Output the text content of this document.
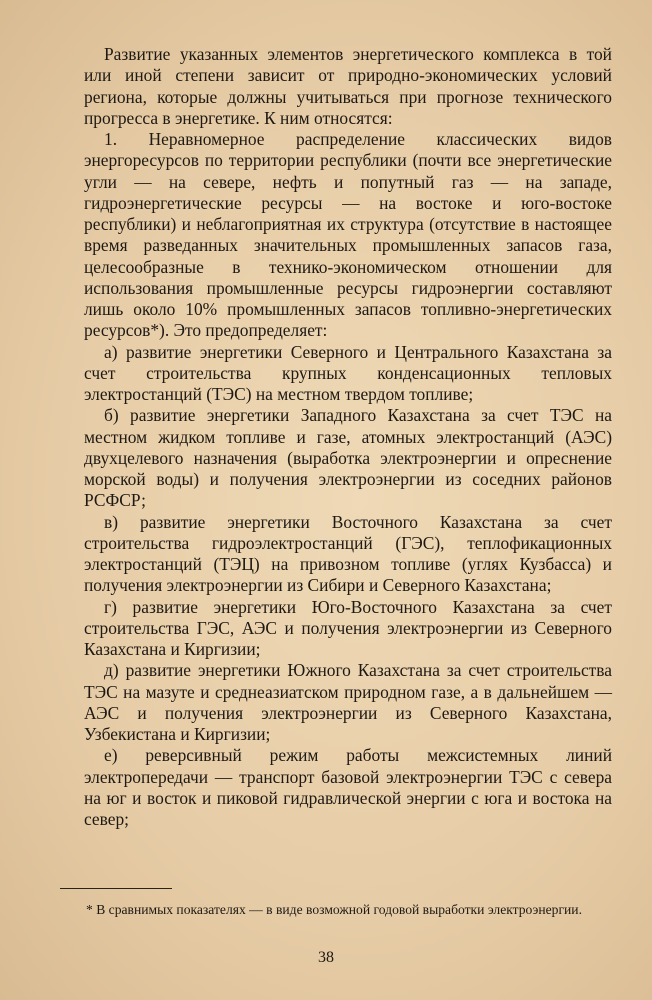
Развитие указанных элементов энергетического комплекса в той или иной степени зависит от природно-экономических условий региона, которые должны учитываться при прогнозе технического прогресса в энергетике. К ним относятся:

1. Неравномерное распределение классических видов энергоресурсов по территории республики (почти все энергетические угли — на севере, нефть и попутный газ — на западе, гидроэнергетические ресурсы — на востоке и юго-востоке республики) и неблагоприятная их структура (отсутствие в настоящее время разведанных значительных промышленных запасов газа, целесообразные в технико-экономическом отношении для использования промышленные ресурсы гидроэнергии составляют лишь около 10% промышленных запасов топливно-энергетических ресурсов*). Это предопределяет:

а) развитие энергетики Северного и Центрального Казахстана за счет строительства крупных конденсационных тепловых электростанций (ТЭС) на местном твердом топливе;

б) развитие энергетики Западного Казахстана за счет ТЭС на местном жидком топливе и газе, атомных электростанций (АЭС) двухцелевого назначения (выработка электроэнергии и опреснение морской воды) и получения электроэнергии из соседних районов РСФСР;

в) развитие энергетики Восточного Казахстана за счет строительства гидроэлектростанций (ГЭС), теплофикационных электростанций (ТЭЦ) на привозном топливе (углях Кузбасса) и получения электроэнергии из Сибири и Северного Казахстана;

г) развитие энергетики Юго-Восточного Казахстана за счет строительства ГЭС, АЭС и получения электроэнергии из Северного Казахстана и Киргизии;

д) развитие энергетики Южного Казахстана за счет строительства ТЭС на мазуте и среднеазиатском природном газе, а в дальнейшем — АЭС и получения электроэнергии из Северного Казахстана, Узбекистана и Киргизии;

е) реверсивный режим работы межсистемных линий электропередачи — транспорт базовой электроэнергии ТЭС с севера на юг и восток и пиковой гидравлической энергии с юга и востока на север;

* В сравнимых показателях — в виде возможной годовой выработки электроэнергии.

38
